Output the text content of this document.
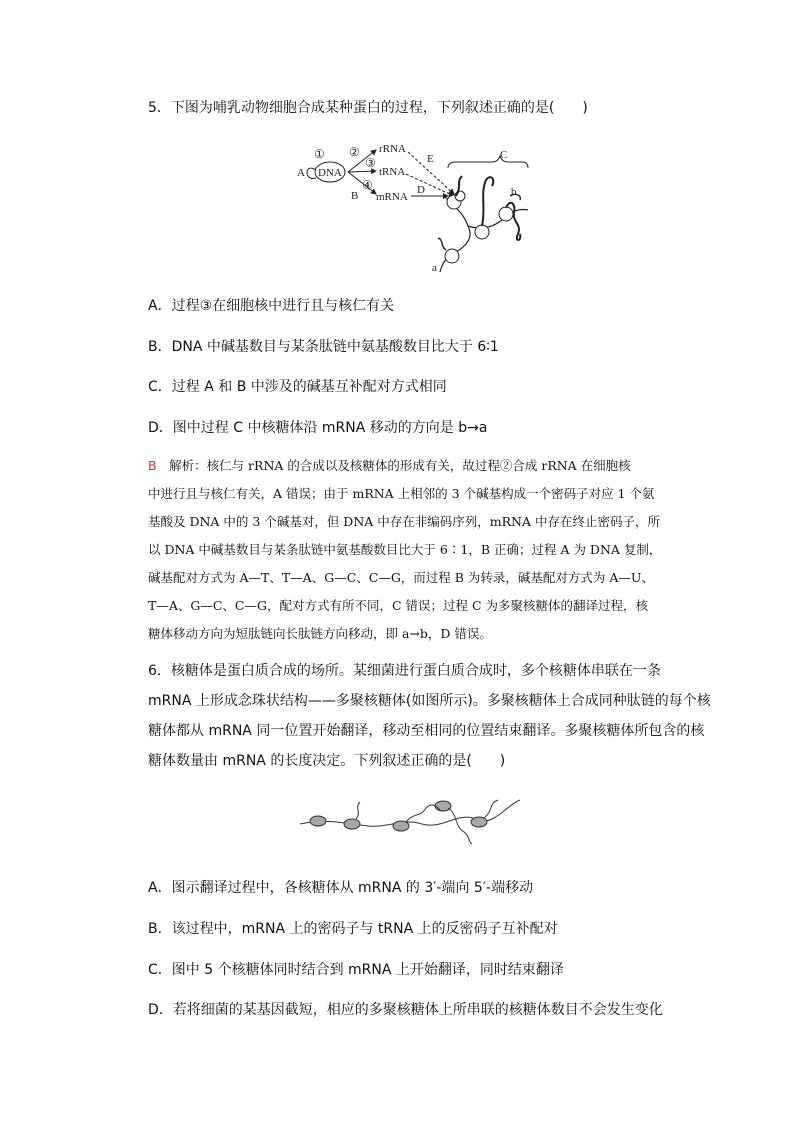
5．下图为哺乳动物细胞合成某种蛋白的过程，下列叙述正确的是(　　)
①
A DNA
②
③
④
rRNA
tRNA
B mRNA
E
D
C
b
a
A．过程③在细胞核中进行且与核仁有关
B．DNA 中碱基数目与某条肽链中氨基酸数目比大于 6∶1
C．过程 A 和 B 中涉及的碱基互补配对方式相同
D．图中过程 C 中核糖体沿 mRNA 移动的方向是 b→a
B　解析：核仁与 rRNA 的合成以及核糖体的形成有关，故过程②合成 rRNA 在细胞核
中进行且与核仁有关，A 错误；由于 mRNA 上相邻的 3 个碱基构成一个密码子对应 1 个氨
基酸及 DNA 中的 3 个碱基对，但 DNA 中存在非编码序列，mRNA 中存在终止密码子，所
以 DNA 中碱基数目与某条肽链中氨基酸数目比大于 6∶1，B 正确；过程 A 为 DNA 复制，
碱基配对方式为 A—T、T—A、G—C、C—G，而过程 B 为转录，碱基配对方式为 A—U、
T—A、G—C、C—G，配对方式有所不同，C 错误；过程 C 为多聚核糖体的翻译过程，核
糖体移动方向为短肽链向长肽链方向移动，即 a→b，D 错误。
6．核糖体是蛋白质合成的场所。某细菌进行蛋白质合成时，多个核糖体串联在一条
mRNA 上形成念珠状结构——多聚核糖体(如图所示)。多聚核糖体上合成同种肽链的每个核
糖体都从 mRNA 同一位置开始翻译，移动至相同的位置结束翻译。多聚核糖体所包含的核
糖体数量由 mRNA 的长度决定。下列叙述正确的是(　　)
A．图示翻译过程中，各核糖体从 mRNA 的 3′-端向 5′-端移动
B．该过程中，mRNA 上的密码子与 tRNA 上的反密码子互补配对
C．图中 5 个核糖体同时结合到 mRNA 上开始翻译，同时结束翻译
D．若将细菌的某基因截短，相应的多聚核糖体上所串联的核糖体数目不会发生变化
